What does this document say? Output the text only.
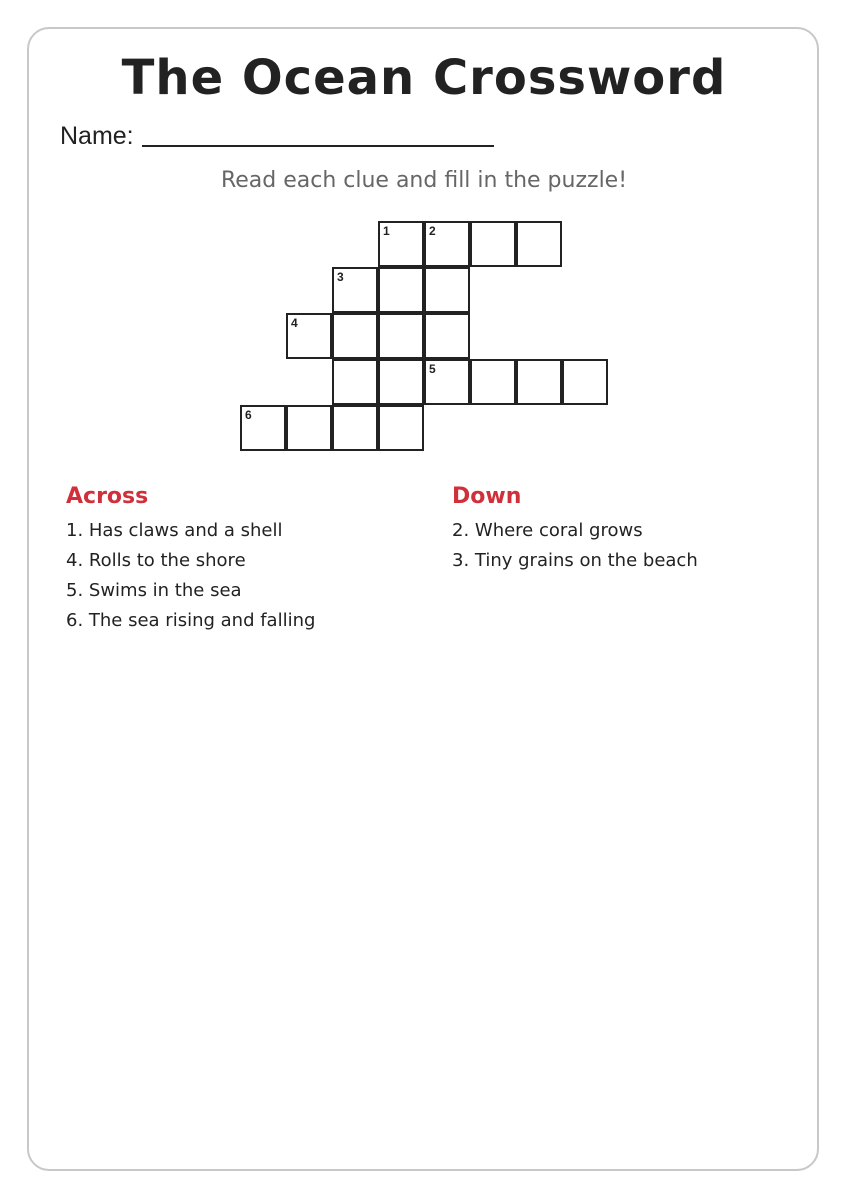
The Ocean Crossword
Name:
Read each clue and fill in the puzzle!
1	2
3
4
5
6
Across
1. Has claws and a shell
4. Rolls to the shore
5. Swims in the sea
6. The sea rising and falling
Down
2. Where coral grows
3. Tiny grains on the beach
